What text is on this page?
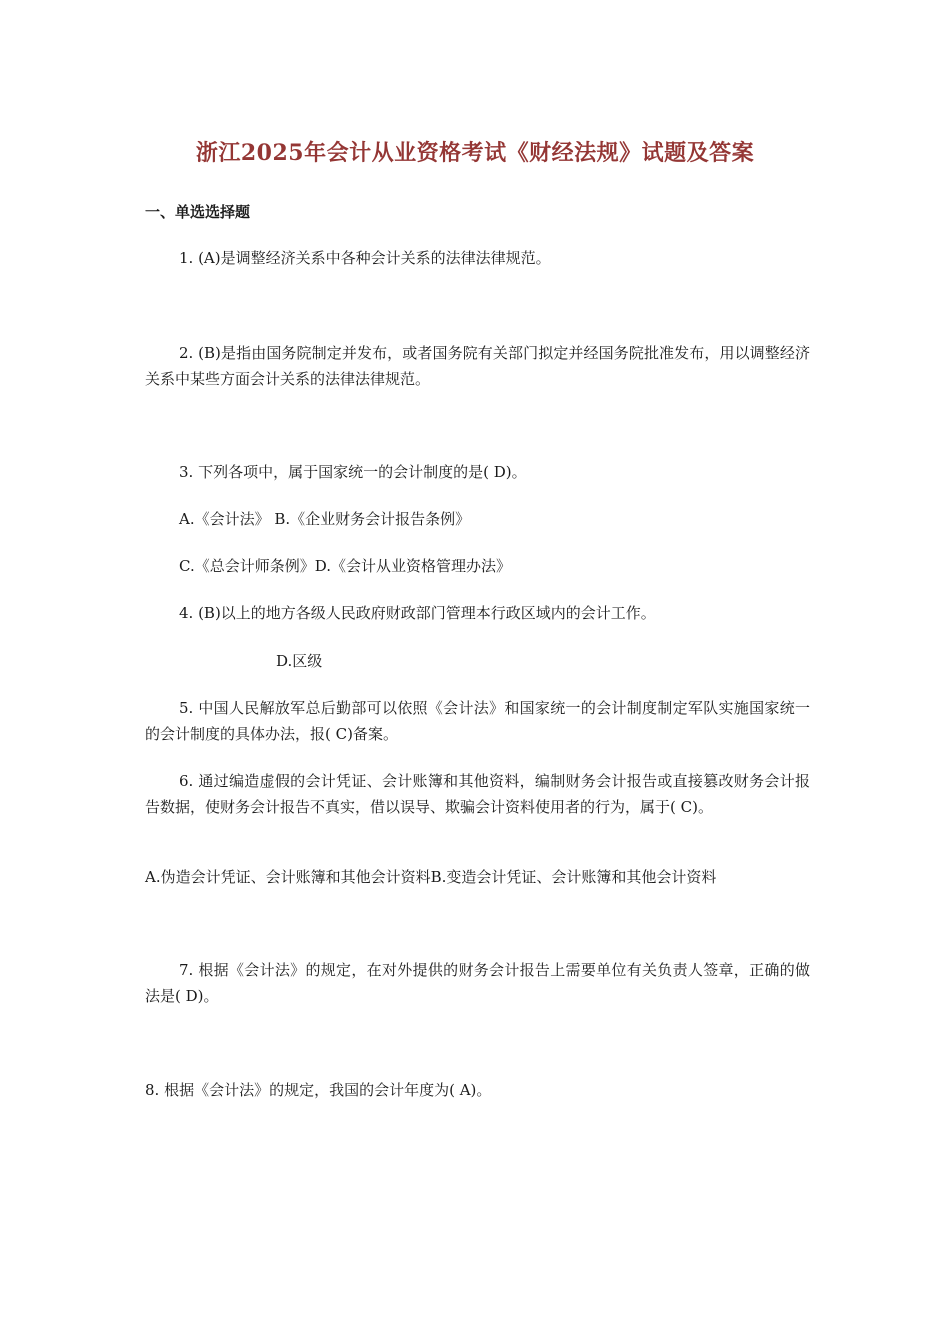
浙江2025年会计从业资格考试《财经法规》试题及答案
一、单选选择题
1. (A)是调整经济关系中各种会计关系的法律法律规范。
2. (B)是指由国务院制定并发布，或者国务院有关部门拟定并经国务院批准发布，用以调整经济关系中某些方面会计关系的法律法律规范。
3. 下列各项中，属于国家统一的会计制度的是( D)。
A.《会计法》 B.《企业财务会计报告条例》
C.《总会计师条例》D.《会计从业资格管理办法》
4. (B)以上的地方各级人民政府财政部门管理本行政区域内的会计工作。
D.区级
5. 中国人民解放军总后勤部可以依照《会计法》和国家统一的会计制度制定军队实施国家统一的会计制度的具体办法，报( C)备案。
6. 通过编造虚假的会计凭证、会计账簿和其他资料，编制财务会计报告或直接篡改财务会计报告数据，使财务会计报告不真实，借以误导、欺骗会计资料使用者的行为，属于( C)。
A.伪造会计凭证、会计账簿和其他会计资料B.变造会计凭证、会计账簿和其他会计资料
7. 根据《会计法》的规定，在对外提供的财务会计报告上需要单位有关负责人签章，正确的做法是( D)。
8. 根据《会计法》的规定，我国的会计年度为( A)。
